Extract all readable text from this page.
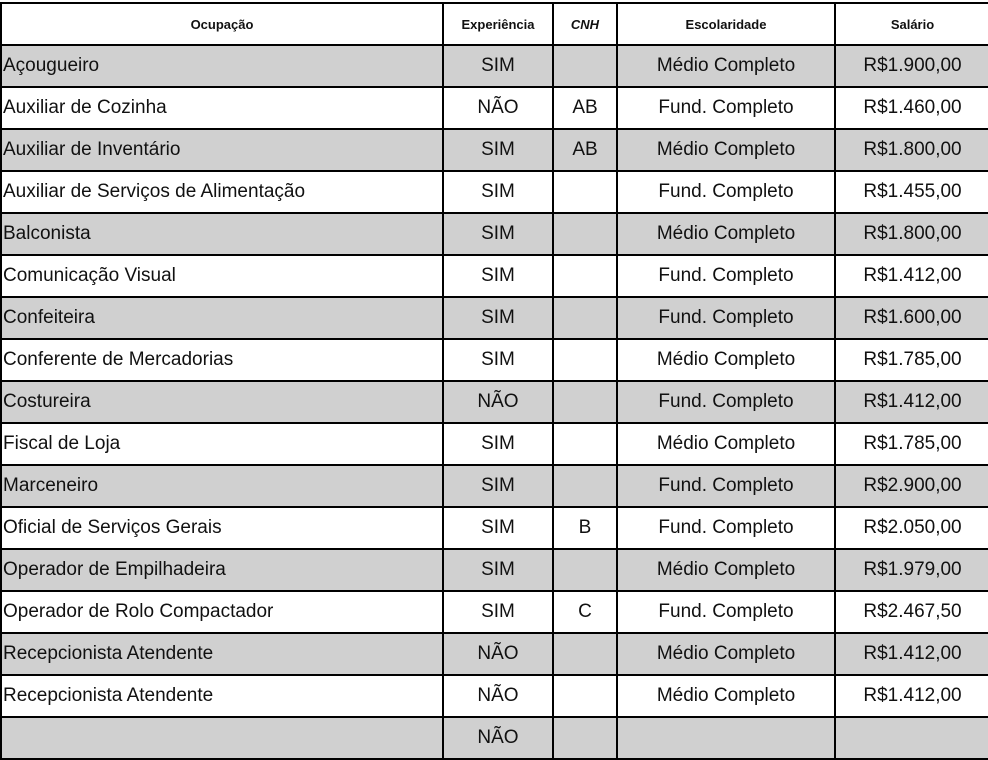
Ocupação	Experiência	CNH	Escolaridade	Salário
Açougueiro	SIM		Médio Completo	R$1.900,00
Auxiliar de Cozinha	NÃO	AB	Fund. Completo	R$1.460,00
Auxiliar de Inventário	SIM	AB	Médio Completo	R$1.800,00
Auxiliar de Serviços de Alimentação	SIM		Fund. Completo	R$1.455,00
Balconista	SIM		Médio Completo	R$1.800,00
Comunicação Visual	SIM		Fund. Completo	R$1.412,00
Confeiteira	SIM		Fund. Completo	R$1.600,00
Conferente de Mercadorias	SIM		Médio Completo	R$1.785,00
Costureira	NÃO		Fund. Completo	R$1.412,00
Fiscal de Loja	SIM		Médio Completo	R$1.785,00
Marceneiro	SIM		Fund. Completo	R$2.900,00
Oficial de Serviços Gerais	SIM	B	Fund. Completo	R$2.050,00
Operador de Empilhadeira	SIM		Médio Completo	R$1.979,00
Operador de Rolo Compactador	SIM	C	Fund. Completo	R$2.467,50
Recepcionista Atendente	NÃO		Médio Completo	R$1.412,00
Recepcionista Atendente	NÃO		Médio Completo	R$1.412,00
	NÃO			
